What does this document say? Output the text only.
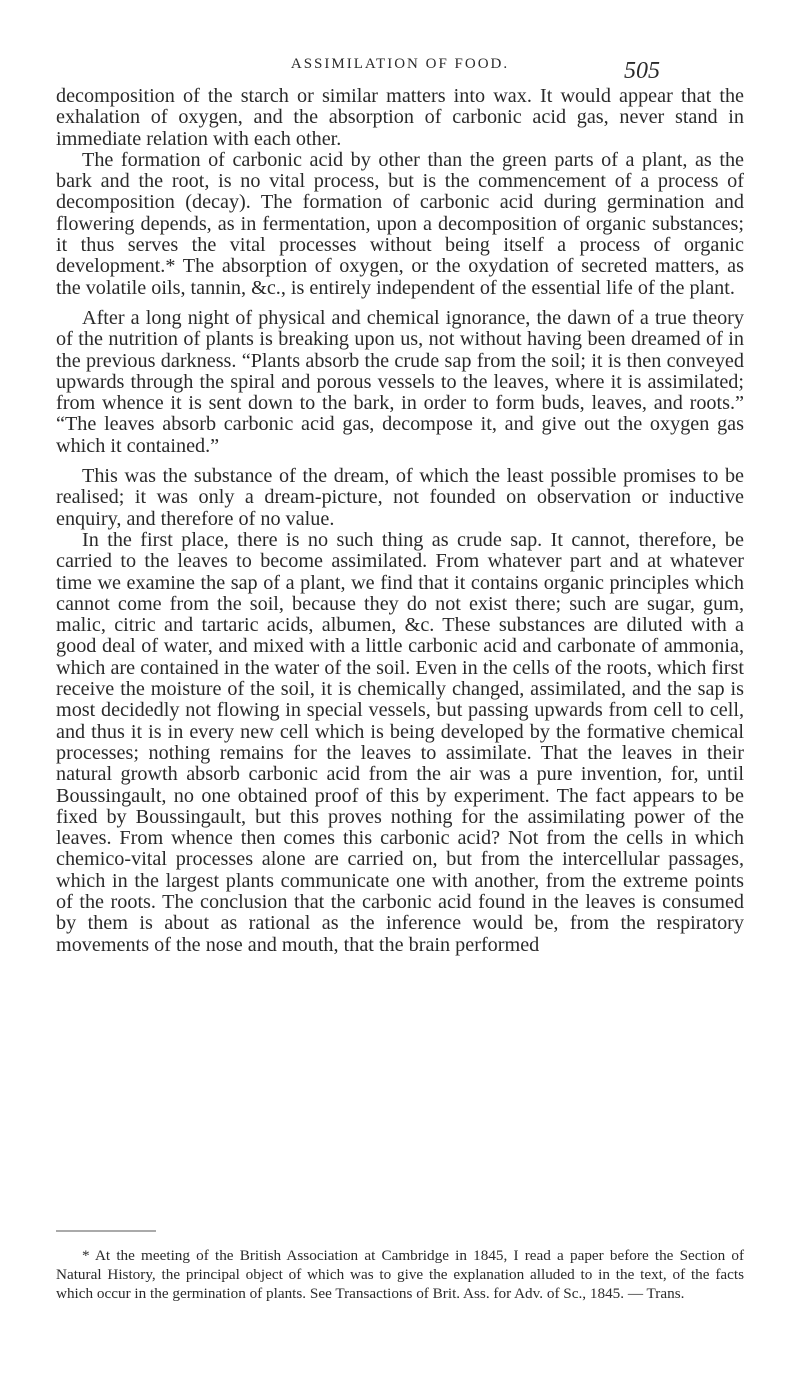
ASSIMILATION OF FOOD.	505

decomposition of the starch or similar matters into wax. It would appear that the exhalation of oxygen, and the absorption of carbonic acid gas, never stand in immediate relation with each other.

The formation of carbonic acid by other than the green parts of a plant, as the bark and the root, is no vital process, but is the commencement of a process of decomposition (decay). The formation of carbonic acid during germination and flowering depends, as in fermentation, upon a decomposition of organic substances; it thus serves the vital processes without being itself a process of organic development.* The absorption of oxygen, or the oxydation of secreted matters, as the volatile oils, tannin, &c., is entirely independent of the essential life of the plant.

After a long night of physical and chemical ignorance, the dawn of a true theory of the nutrition of plants is breaking upon us, not without having been dreamed of in the previous darkness. “Plants absorb the crude sap from the soil; it is then conveyed upwards through the spiral and porous vessels to the leaves, where it is assimilated; from whence it is sent down to the bark, in order to form buds, leaves, and roots.” “The leaves absorb carbonic acid gas, decompose it, and give out the oxygen gas which it contained.”

This was the substance of the dream, of which the least possible promises to be realised; it was only a dream-picture, not founded on observation or inductive enquiry, and therefore of no value.

In the first place, there is no such thing as crude sap. It cannot, therefore, be carried to the leaves to become assimilated. From whatever part and at whatever time we examine the sap of a plant, we find that it contains organic principles which cannot come from the soil, because they do not exist there; such are sugar, gum, malic, citric and tartaric acids, albumen, &c. These substances are diluted with a good deal of water, and mixed with a little carbonic acid and carbonate of ammonia, which are contained in the water of the soil. Even in the cells of the roots, which first receive the moisture of the soil, it is chemically changed, assimilated, and the sap is most decidedly not flowing in special vessels, but passing upwards from cell to cell, and thus it is in every new cell which is being developed by the formative chemical processes; nothing remains for the leaves to assimilate. That the leaves in their natural growth absorb carbonic acid from the air was a pure invention, for, until Boussingault, no one obtained proof of this by experiment. The fact appears to be fixed by Boussingault, but this proves nothing for the assimilating power of the leaves. From whence then comes this carbonic acid? Not from the cells in which chemico-vital processes alone are carried on, but from the intercellular passages, which in the largest plants communicate one with another, from the extreme points of the roots. The conclusion that the carbonic acid found in the leaves is consumed by them is about as rational as the inference would be, from the respiratory movements of the nose and mouth, that the brain performed

* At the meeting of the British Association at Cambridge in 1845, I read a paper before the Section of Natural History, the principal object of which was to give the explanation alluded to in the text, of the facts which occur in the germination of plants. See Transactions of Brit. Ass. for Adv. of Sc., 1845. — Trans.
